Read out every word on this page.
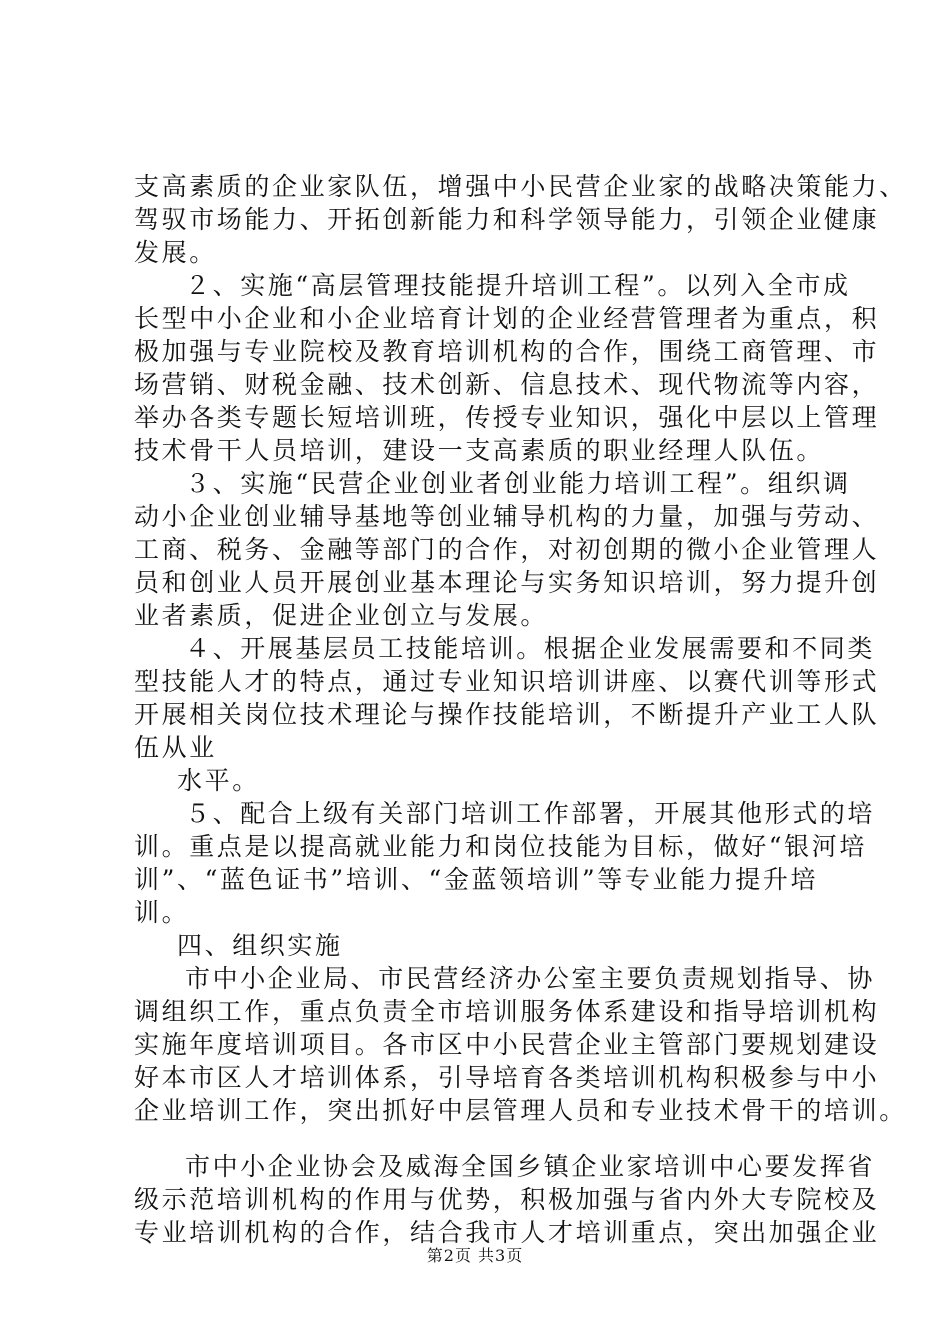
支高素质的企业家队伍，增强中小民营企业家的战略决策能力、
驾驭市场能力、开拓创新能力和科学领导能力，引领企业健康
发展。
２、实施“高层管理技能提升培训工程”。以列入全市成
长型中小企业和小企业培育计划的企业经营管理者为重点，积
极加强与专业院校及教育培训机构的合作，围绕工商管理、市
场营销、财税金融、技术创新、信息技术、现代物流等内容，
举办各类专题长短培训班，传授专业知识，强化中层以上管理
技术骨干人员培训，建设一支高素质的职业经理人队伍。
３、实施“民营企业创业者创业能力培训工程”。组织调
动小企业创业辅导基地等创业辅导机构的力量，加强与劳动、
工商、税务、金融等部门的合作，对初创期的微小企业管理人
员和创业人员开展创业基本理论与实务知识培训，努力提升创
业者素质，促进企业创立与发展。
４、开展基层员工技能培训。根据企业发展需要和不同类
型技能人才的特点，通过专业知识培训讲座、以赛代训等形式
开展相关岗位技术理论与操作技能培训，不断提升产业工人队
伍从业
水平。
５、配合上级有关部门培训工作部署，开展其他形式的培
训。重点是以提高就业能力和岗位技能为目标，做好“银河培
训”、“蓝色证书”培训、“金蓝领培训”等专业能力提升培
训。
四、组织实施
市中小企业局、市民营经济办公室主要负责规划指导、协
调组织工作，重点负责全市培训服务体系建设和指导培训机构
实施年度培训项目。各市区中小民营企业主管部门要规划建设
好本市区人才培训体系，引导培育各类培训机构积极参与中小
企业培训工作，突出抓好中层管理人员和专业技术骨干的培训。
市中小企业协会及威海全国乡镇企业家培训中心要发挥省
级示范培训机构的作用与优势，积极加强与省内外大专院校及
专业培训机构的合作，结合我市人才培训重点，突出加强企业
第2页 共3页
